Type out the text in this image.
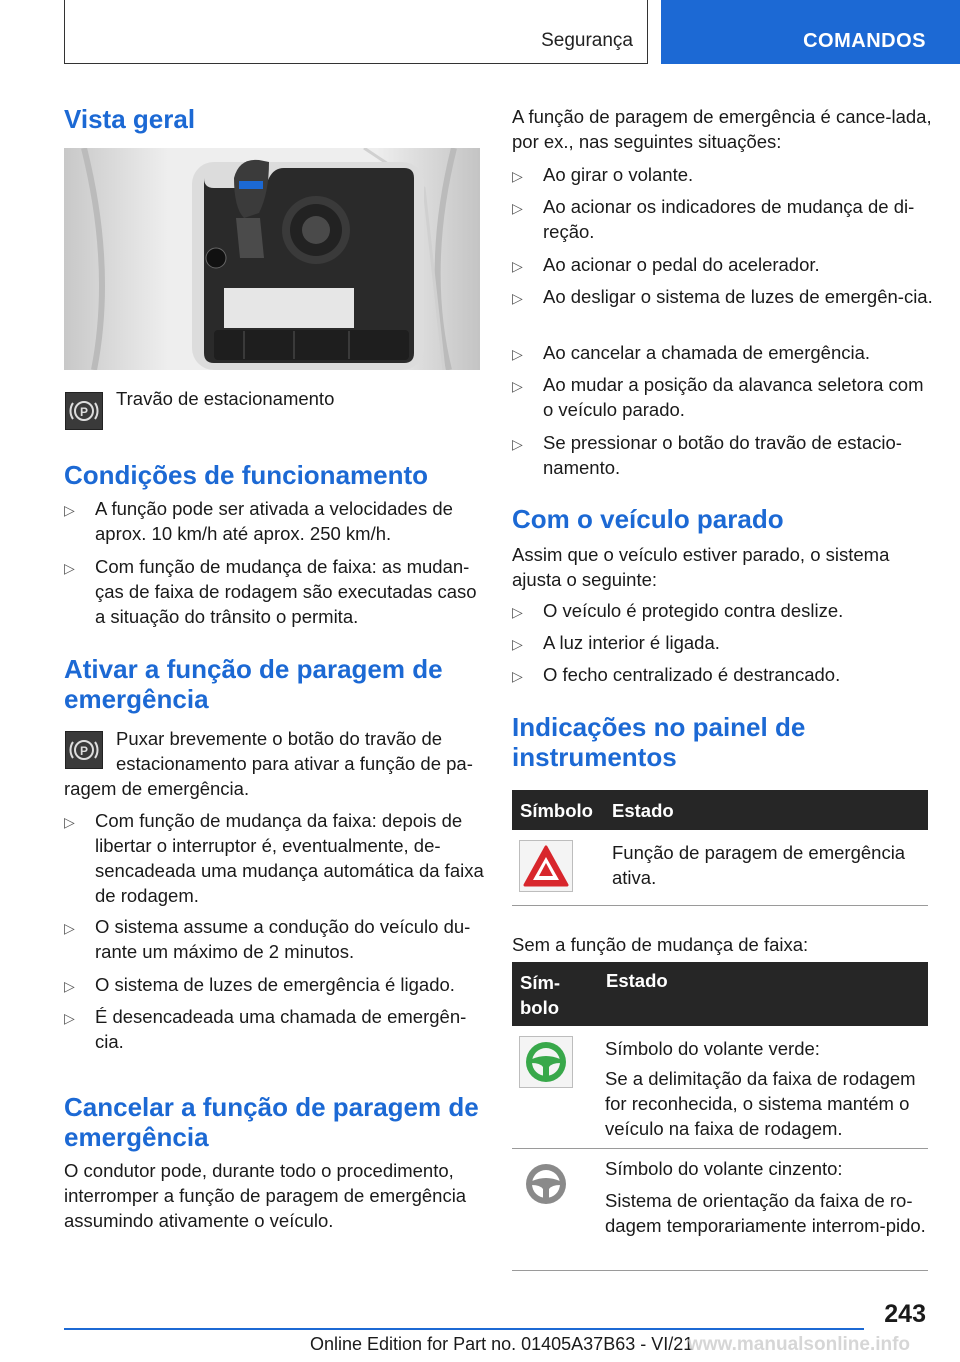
Segurança	COMANDOS
Vista geral
P
Travão de estacionamento
Condições de funcionamento
▷ A função pode ser ativada a velocidades de aprox. 10 km/h até aprox. 250 km/h.
▷ Com função de mudança de faixa: as mudan‐ças de faixa de rodagem são executadas caso a situação do trânsito o permita.
Ativar a função de paragem de emergência
P
Puxar brevemente o botão do travão de estacionamento para ativar a função de pa‐
ragem de emergência.
▷ Com função de mudança da faixa: depois de libertar o interruptor é, eventualmente, de‐sencadeada uma mudança automática da faixa de rodagem.
▷ O sistema assume a condução do veículo du‐rante um máximo de 2 minutos.
▷ O sistema de luzes de emergência é ligado.
▷ É desencadeada uma chamada de emergên‐cia.
Cancelar a função de paragem de emergência
O condutor pode, durante todo o procedimento, interromper a função de paragem de emergência assumindo ativamente o veículo.
A função de paragem de emergência é cance‐lada, por ex., nas seguintes situações:
▷ Ao girar o volante.
▷ Ao acionar os indicadores de mudança de di‐reção.
▷ Ao acionar o pedal do acelerador.
▷ Ao desligar o sistema de luzes de emergên‐cia.
▷ Ao cancelar a chamada de emergência.
▷ Ao mudar a posição da alavanca seletora com o veículo parado.
▷ Se pressionar o botão do travão de estacio‐namento.
Com o veículo parado
Assim que o veículo estiver parado, o sistema ajusta o seguinte:
▷ O veículo é protegido contra deslize.
▷ A luz interior é ligada.
▷ O fecho centralizado é destrancado.
Indicações no painel de instrumentos
Símbolo Estado
Função de paragem de emergência ativa.
Sem a função de mudança de faixa:
Sím‐bolo
Estado
Símbolo do volante verde:
Se a delimitação da faixa de rodagem for reconhecida, o sistema mantém o veículo na faixa de rodagem.
Símbolo do volante cinzento:
Sistema de orientação da faixa de ro‐dagem temporariamente interrom‐pido.
243
Online Edition for Part no. 01405A37B63 - VI/21
www.manualsonline.info
